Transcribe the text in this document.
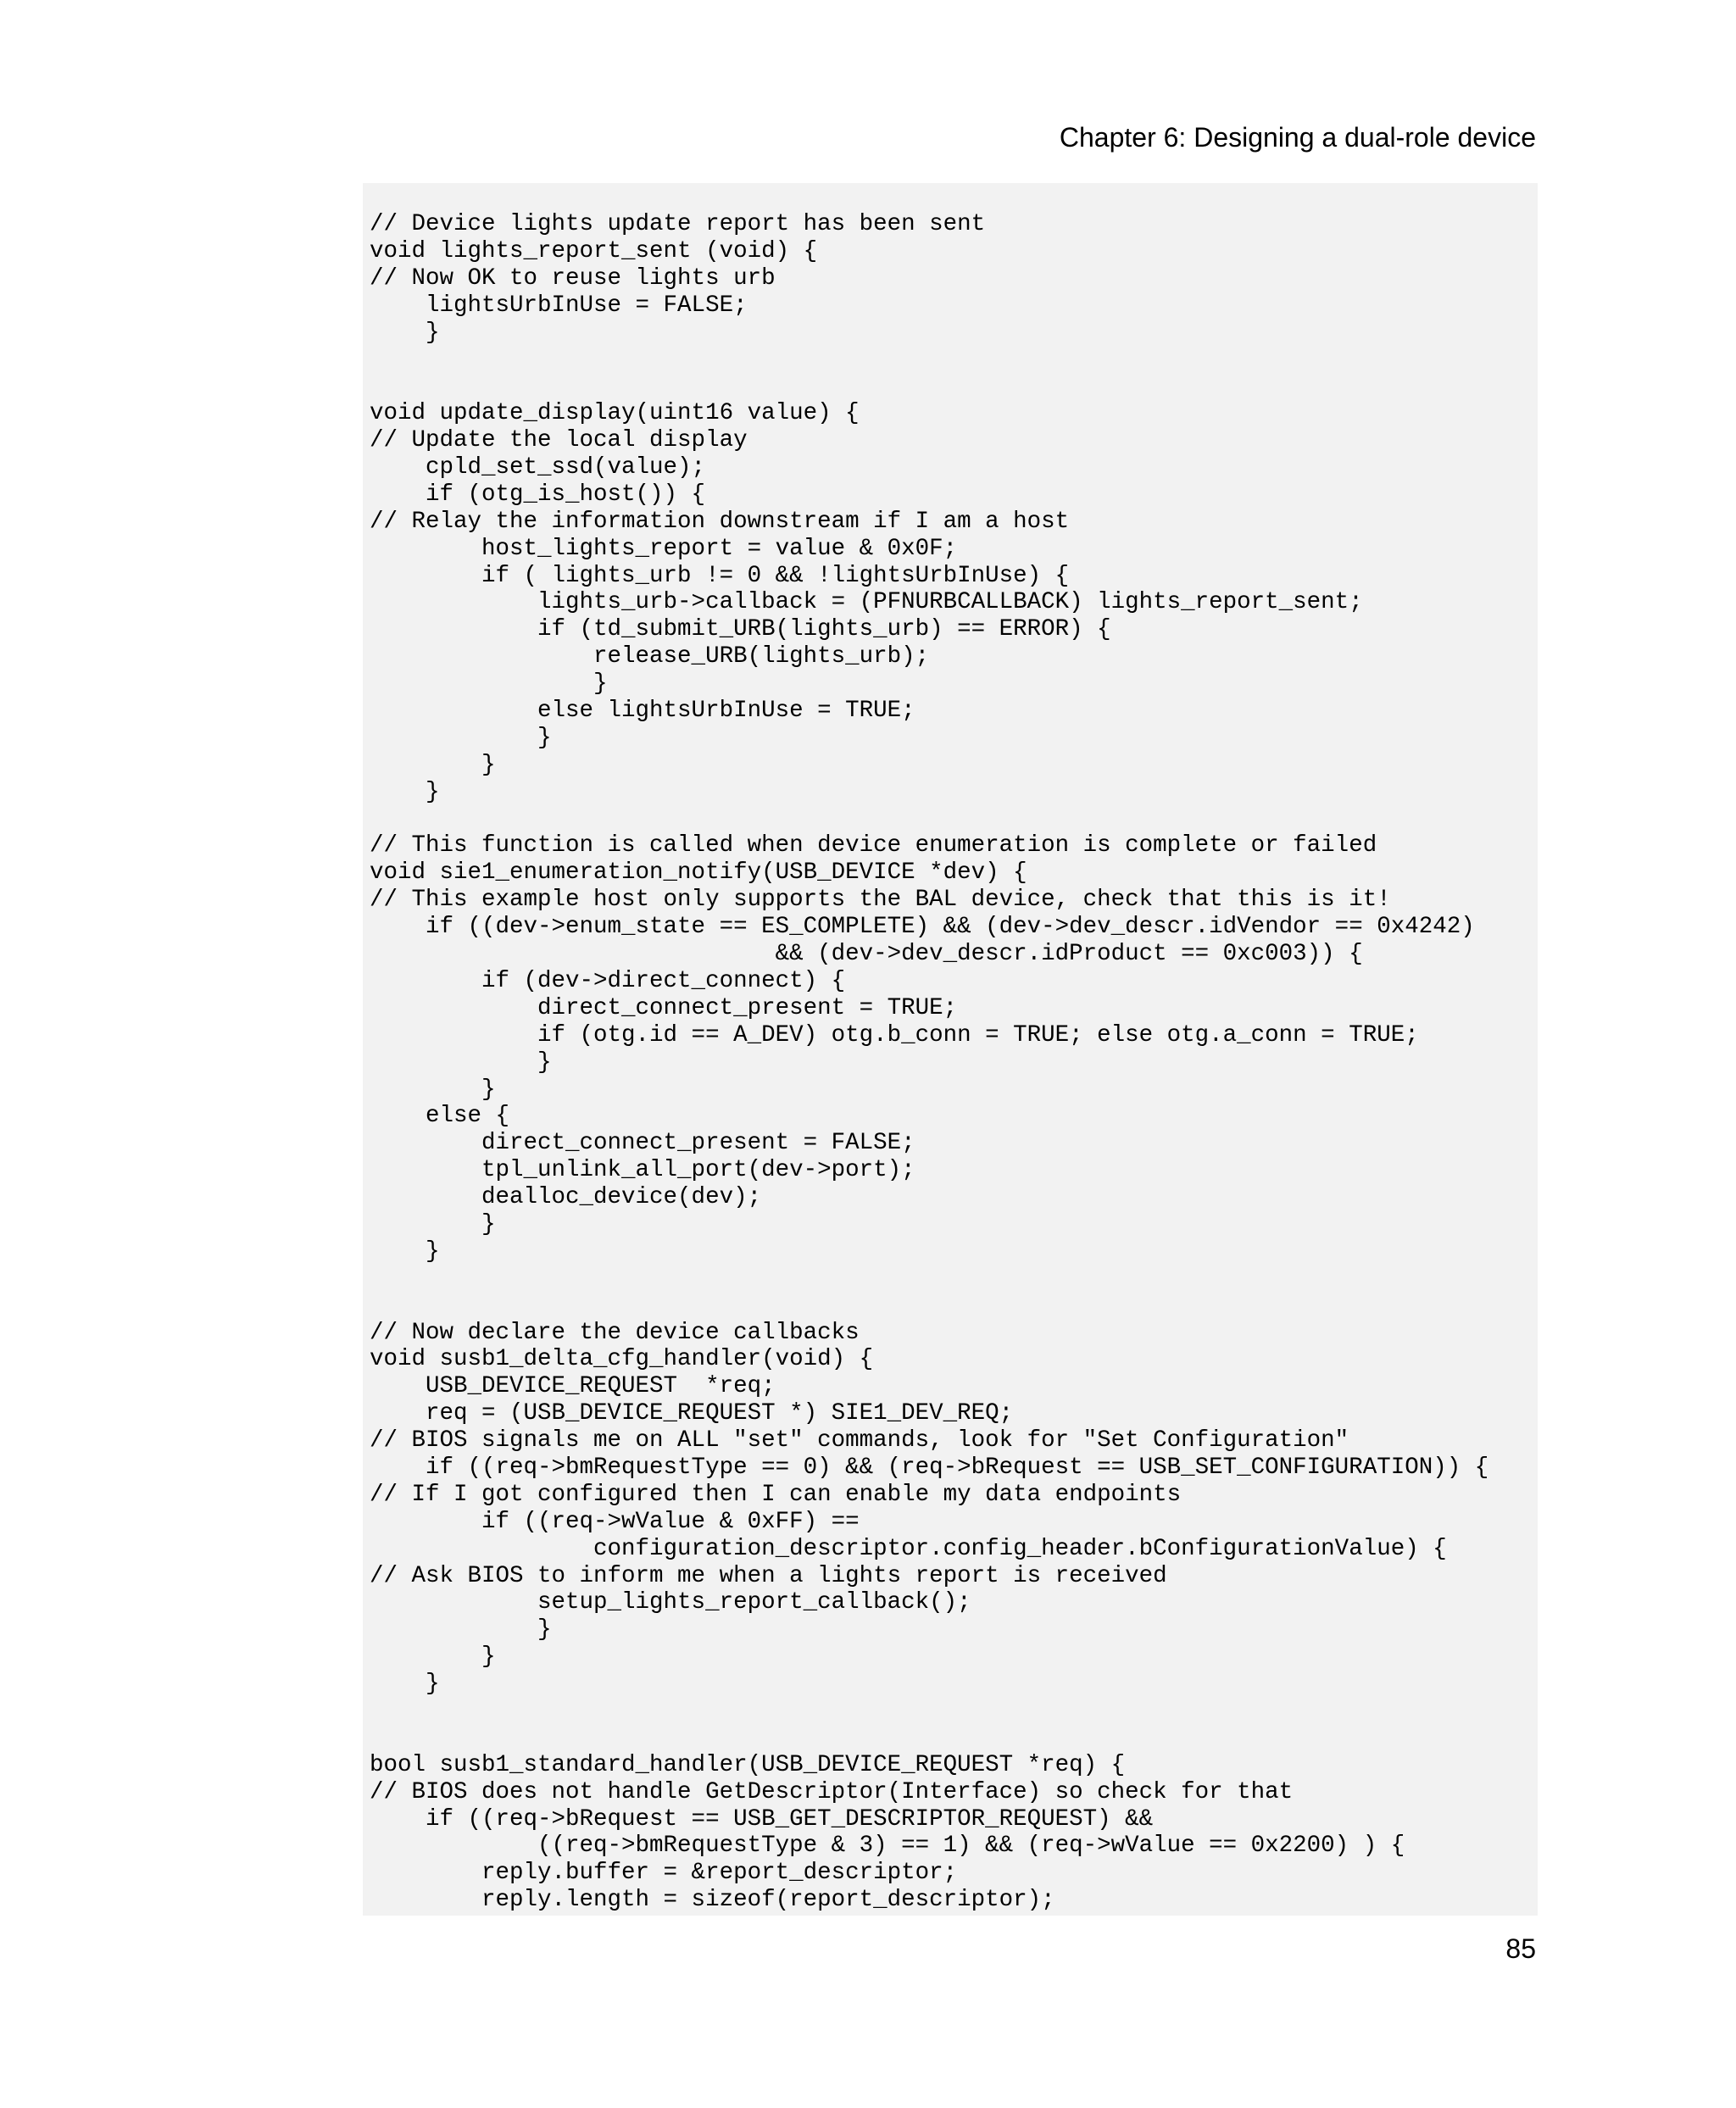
Chapter 6: Designing a dual-role device
// Device lights update report has been sent
void lights_report_sent (void) {
// Now OK to reuse lights urb
lightsUrbInUse = FALSE;
}
void update_display(uint16 value) {
// Update the local display
cpld_set_ssd(value);
if (otg_is_host()) {
// Relay the information downstream if I am a host
host_lights_report = value & 0x0F;
if ( lights_urb != 0 && !lightsUrbInUse) {
lights_urb->callback = (PFNURBCALLBACK) lights_report_sent;
if (td_submit_URB(lights_urb) == ERROR) {
release_URB(lights_urb);
}
else lightsUrbInUse = TRUE;
}
}
}
// This function is called when device enumeration is complete or failed
void sie1_enumeration_notify(USB_DEVICE *dev) {
// This example host only supports the BAL device, check that this is it!
if ((dev->enum_state == ES_COMPLETE) && (dev->dev_descr.idVendor == 0x4242)
&& (dev->dev_descr.idProduct == 0xc003)) {
if (dev->direct_connect) {
direct_connect_present = TRUE;
if (otg.id == A_DEV) otg.b_conn = TRUE; else otg.a_conn = TRUE;
}
}
else {
direct_connect_present = FALSE;
tpl_unlink_all_port(dev->port);
dealloc_device(dev);
}
}
// Now declare the device callbacks
void susb1_delta_cfg_handler(void) {
USB_DEVICE_REQUEST  *req;
req = (USB_DEVICE_REQUEST *) SIE1_DEV_REQ;
// BIOS signals me on ALL "set" commands, look for "Set Configuration"
if ((req->bmRequestType == 0) && (req->bRequest == USB_SET_CONFIGURATION)) {
// If I got configured then I can enable my data endpoints
if ((req->wValue & 0xFF) ==
configuration_descriptor.config_header.bConfigurationValue) {
// Ask BIOS to inform me when a lights report is received
setup_lights_report_callback();
}
}
}
bool susb1_standard_handler(USB_DEVICE_REQUEST *req) {
// BIOS does not handle GetDescriptor(Interface) so check for that
if ((req->bRequest == USB_GET_DESCRIPTOR_REQUEST) &&
((req->bmRequestType & 3) == 1) && (req->wValue == 0x2200) ) {
reply.buffer = &report_descriptor;
reply.length = sizeof(report_descriptor);
85
